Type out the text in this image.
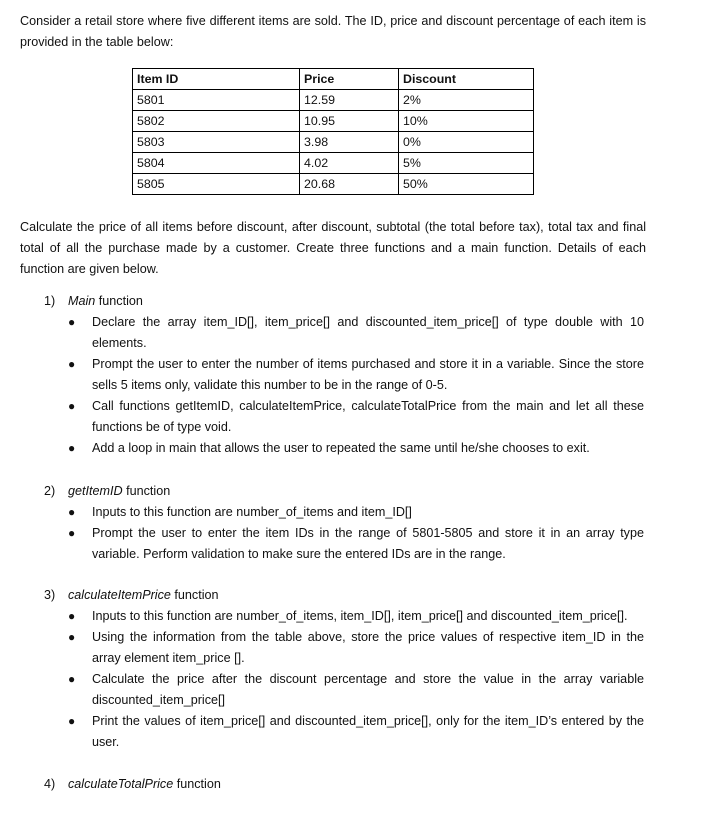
Consider a retail store where five different items are sold. The ID, price and discount percentage of each item is provided in the table below:

Item ID	Price	Discount
5801	12.59	2%
5802	10.95	10%
5803	3.98	0%
5804	4.02	5%
5805	20.68	50%

Calculate the price of all items before discount, after discount, subtotal (the total before tax), total tax and final total of all the purchase made by a customer. Create three functions and a main function. Details of each function are given below.

1) Main function
● Declare the array item_ID[], item_price[] and discounted_item_price[] of type double with 10 elements.
● Prompt the user to enter the number of items purchased and store it in a variable. Since the store sells 5 items only, validate this number to be in the range of 0-5.
● Call functions getItemID, calculateItemPrice, calculateTotalPrice from the main and let all these functions be of type void.
● Add a loop in main that allows the user to repeated the same until he/she chooses to exit.
2) getItemID function
● Inputs to this function are number_of_items and item_ID[]
● Prompt the user to enter the item IDs in the range of 5801-5805 and store it in an array type variable. Perform validation to make sure the entered IDs are in the range.
3) calculateItemPrice function
● Inputs to this function are number_of_items, item_ID[], item_price[] and discounted_item_price[].
● Using the information from the table above, store the price values of respective item_ID in the array element item_price [].
● Calculate the price after the discount percentage and store the value in the array variable discounted_item_price[]
● Print the values of item_price[] and discounted_item_price[], only for the item_ID’s entered by the user.
4) calculateTotalPrice function
